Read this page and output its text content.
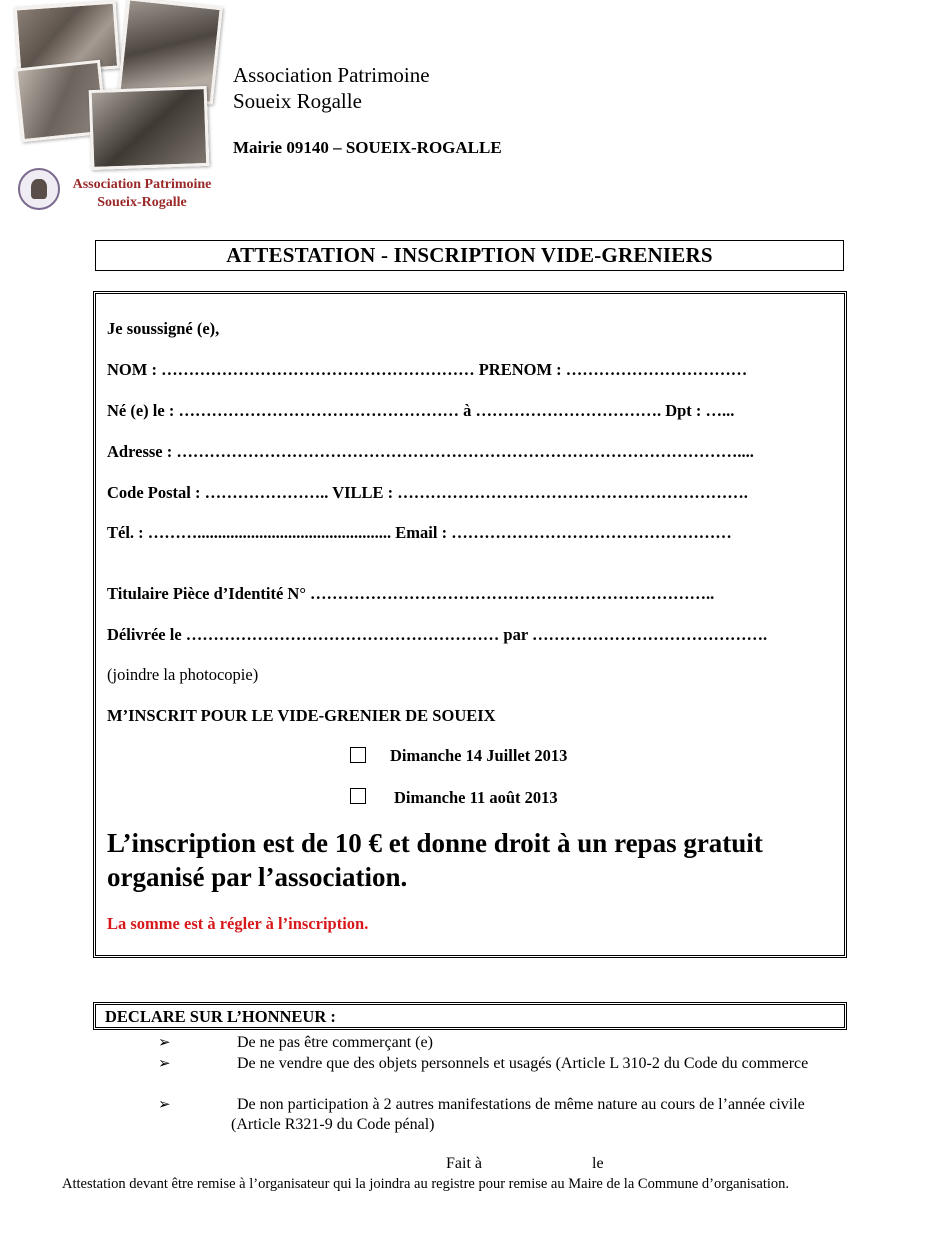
Association Patrimoine
Soueix-Rogalle
Association Patrimoine
Soueix Rogalle
Mairie 09140 – SOUEIX-ROGALLE
ATTESTATION - INSCRIPTION VIDE-GRENIERS
Je soussigné (e),
NOM : ………………………………………………… PRENOM : ……………………………
Né (e) le : …………………………………………… à ……………………………. Dpt : …...
Adresse : …………………………………………………………………………………………....
Code Postal : ………………….. VILLE : ……………………………………………………….
Tél. : ………............................................... Email : ……………………………………………
Titulaire Pièce d’Identité N° ………………………………………………………………..
Délivrée le ………………………………………………… par …………………………………….
(joindre la photocopie)
M’INSCRIT POUR LE VIDE-GRENIER DE SOUEIX
Dimanche 14 Juillet 2013
Dimanche 11 août 2013
L’inscription est de 10 € et donne droit à un repas gratuit organisé par l’association.
La somme est à régler à l’inscription.
DECLARE SUR L’HONNEUR :
➢	De ne pas être commerçant (e)
➢	De ne vendre que des objets personnels et usagés (Article L 310-2 du Code du commerce
➢	De non participation à 2 autres manifestations de même nature au cours de l’année civile (Article R321-9 du Code pénal)
Fait à	le
Attestation devant être remise à l’organisateur qui la joindra au registre pour remise au Maire de la Commune d’organisation.
